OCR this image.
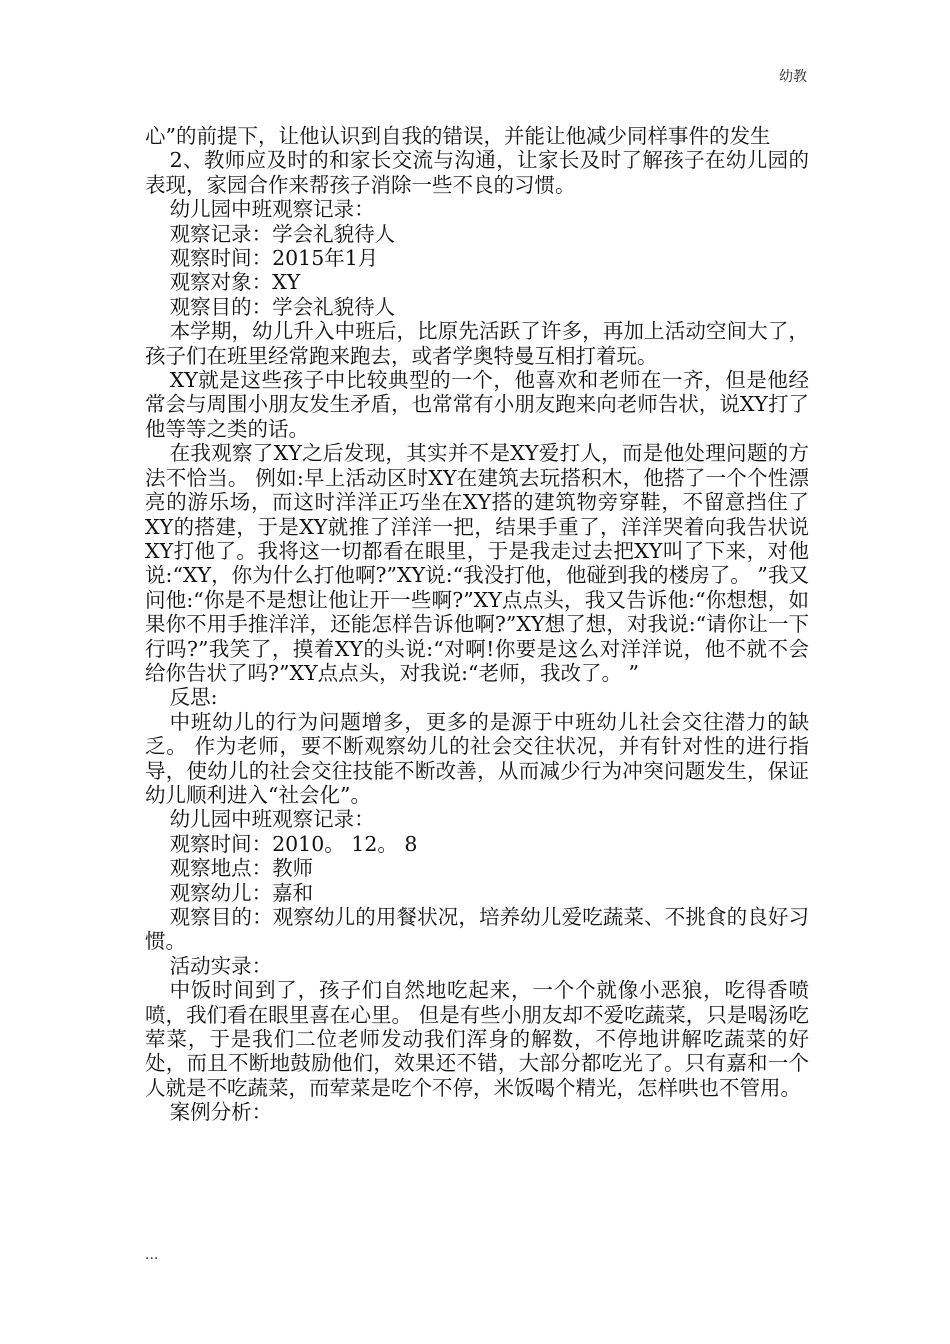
幼教

心”的前提下，让他认识到自我的错误，并能让他减少同样事件的发生

2、教师应及时的和家长交流与沟通，让家长及时了解孩子在幼儿园的表现，家园合作来帮孩子消除一些不良的习惯。

幼儿园中班观察记录：

观察记录：学会礼貌待人

观察时间：2015年1月

观察对象：XY

观察目的：学会礼貌待人

本学期，幼儿升入中班后，比原先活跃了许多，再加上活动空间大了，孩子们在班里经常跑来跑去，或者学奥特曼互相打着玩。

XY就是这些孩子中比较典型的一个，他喜欢和老师在一齐，但是他经常会与周围小朋友发生矛盾，也常常有小朋友跑来向老师告状，说XY打了他等等之类的话。

在我观察了XY之后发现，其实并不是XY爱打人，而是他处理问题的方法不恰当。 例如:早上活动区时XY在建筑去玩搭积木，他搭了一个个性漂亮的游乐场，而这时洋洋正巧坐在XY搭的建筑物旁穿鞋，不留意挡住了XY的搭建，于是XY就推了洋洋一把，结果手重了，洋洋哭着向我告状说XY打他了。我将这一切都看在眼里，于是我走过去把XY叫了下来，对他说:“XY，你为什么打他啊?”XY说:“我没打他，他碰到我的楼房了。 ”我又问他:“你是不是想让他让开一些啊?”XY点点头，我又告诉他:“你想想，如果你不用手推洋洋，还能怎样告诉他啊?”XY想了想，对我说:“请你让一下行吗?”我笑了，摸着XY的头说:“对啊!你要是这么对洋洋说，他不就不会给你告状了吗?”XY点点头，对我说:“老师，我改了。 ”

反思:

中班幼儿的行为问题增多，更多的是源于中班幼儿社会交往潜力的缺乏。 作为老师，要不断观察幼儿的社会交往状况，并有针对性的进行指导，使幼儿的社会交往技能不断改善，从而减少行为冲突问题发生，保证幼儿顺利进入“社会化”。

幼儿园中班观察记录：

观察时间：2010。 12。 8

观察地点：教师

观察幼儿：嘉和

观察目的：观察幼儿的用餐状况，培养幼儿爱吃蔬菜、不挑食的良好习惯。

活动实录：

中饭时间到了，孩子们自然地吃起来，一个个就像小恶狼，吃得香喷喷，我们看在眼里喜在心里。 但是有些小朋友却不爱吃蔬菜，只是喝汤吃荤菜，于是我们二位老师发动我们浑身的解数，不停地讲解吃蔬菜的好处，而且不断地鼓励他们，效果还不错，大部分都吃光了。只有嘉和一个人就是不吃蔬菜，而荤菜是吃个不停，米饭喝个精光，怎样哄也不管用。

案例分析：

...
